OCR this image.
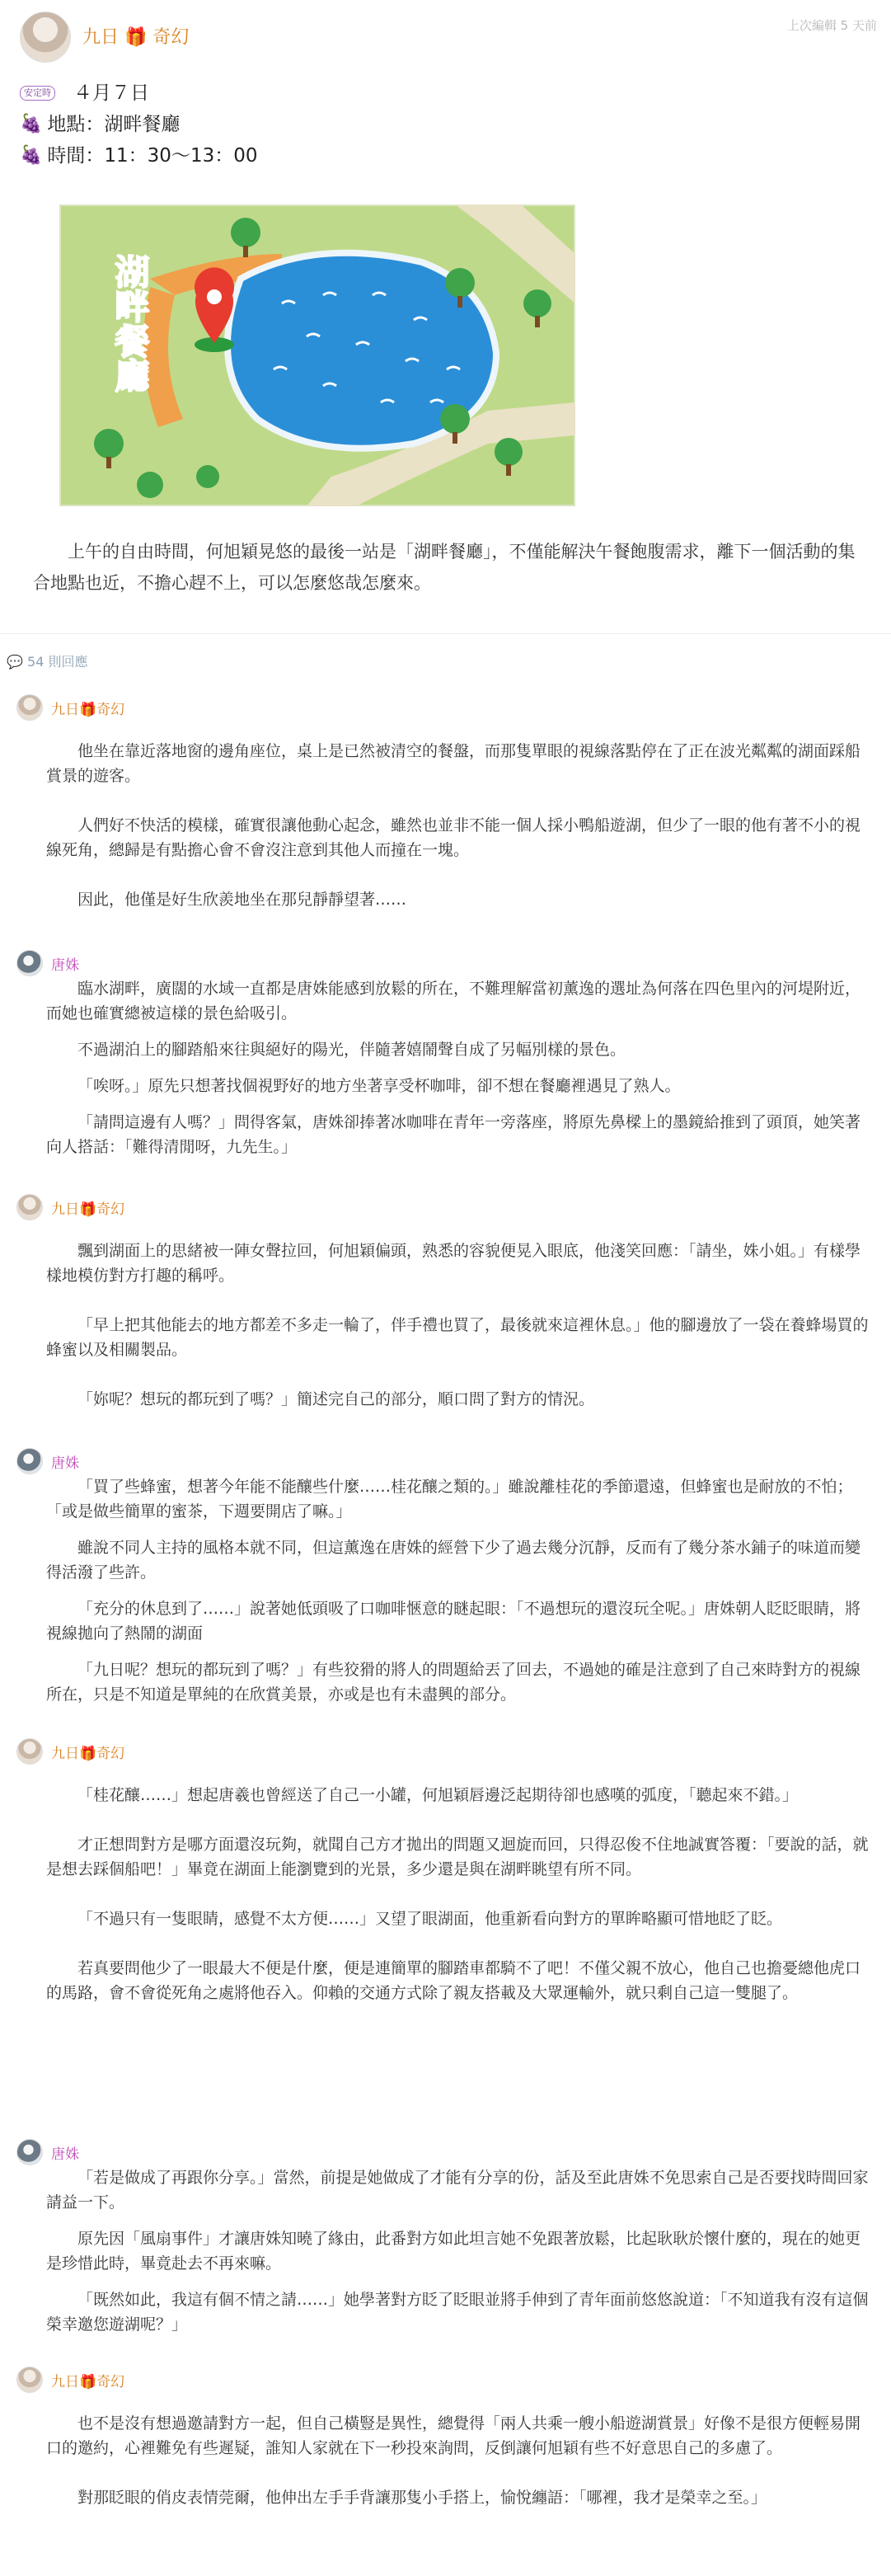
九日 🎁 奇幻
上次編輯 5 天前
安定時 ４月７日
🍇 地點：湖畔餐廳
🍇 時間：11：30～13：00
湖畔餐廳
上午的自由時間，何旭穎晃悠的最後一站是「湖畔餐廳」，不僅能解決午餐飽腹需求，離下一個活動的集合地點也近，不擔心趕不上，可以怎麼悠哉怎麼來。
💬 54 則回應
九日🎁奇幻

他坐在靠近落地窗的邊角座位，桌上是已然被清空的餐盤，而那隻單眼的視線落點停在了正在波光粼粼的湖面踩船賞景的遊客。

人們好不快活的模樣，確實很讓他動心起念，雖然也並非不能一個人採小鴨船遊湖，但少了一眼的他有著不小的視線死角，總歸是有點擔心會不會沒注意到其他人而撞在一塊。

因此，他僅是好生欣羨地坐在那兒靜靜望著……

唐姝

臨水湖畔，廣闊的水域一直都是唐姝能感到放鬆的所在，不難理解當初薰逸的選址為何落在四色里內的河堤附近，而她也確實總被這樣的景色給吸引。

不過湖泊上的腳踏船來往與絕好的陽光，伴隨著嬉鬧聲自成了另幅別樣的景色。

「唉呀。」原先只想著找個視野好的地方坐著享受杯咖啡，卻不想在餐廳裡遇見了熟人。

「請問這邊有人嗎？」問得客氣，唐姝卻捧著冰咖啡在青年一旁落座，將原先鼻樑上的墨鏡給推到了頭頂，她笑著向人搭話：「難得清閒呀，九先生。」

九日🎁奇幻

飄到湖面上的思緒被一陣女聲拉回，何旭穎偏頭，熟悉的容貌便晃入眼底，他淺笑回應：「請坐，姝小姐。」有樣學樣地模仿對方打趣的稱呼。

「早上把其他能去的地方都差不多走一輪了，伴手禮也買了，最後就來這裡休息。」他的腳邊放了一袋在養蜂場買的蜂蜜以及相關製品。

「妳呢？想玩的都玩到了嗎？」簡述完自己的部分，順口問了對方的情況。

唐姝

「買了些蜂蜜，想著今年能不能釀些什麼……桂花釀之類的。」雖說離桂花的季節還遠，但蜂蜜也是耐放的不怕；「或是做些簡單的蜜茶，下週要開店了嘛。」

雖說不同人主持的風格本就不同，但這薰逸在唐姝的經營下少了過去幾分沉靜，反而有了幾分茶水鋪子的味道而變得活潑了些許。

「充分的休息到了……」說著她低頭吸了口咖啡愜意的瞇起眼：「不過想玩的還沒玩全呢。」唐姝朝人眨眨眼睛，將視線拋向了熱鬧的湖面

「九日呢？想玩的都玩到了嗎？」有些狡猾的將人的問題給丟了回去，不過她的確是注意到了自己來時對方的視線所在，只是不知道是單純的在欣賞美景，亦或是也有未盡興的部分。

九日🎁奇幻

「桂花釀……」想起唐羲也曾經送了自己一小罐，何旭穎唇邊泛起期待卻也感嘆的弧度，「聽起來不錯。」

才正想問對方是哪方面還沒玩夠，就聞自己方才拋出的問題又迴旋而回，只得忍俊不住地誠實答覆：「要說的話，就是想去踩個船吧！」畢竟在湖面上能瀏覽到的光景，多少還是與在湖畔眺望有所不同。

「不過只有一隻眼睛，感覺不太方便……」又望了眼湖面，他重新看向對方的單眸略顯可惜地眨了眨。

若真要問他少了一眼最大不便是什麼，便是連簡單的腳踏車都騎不了吧！不僅父親不放心，他自己也擔憂總他虎口的馬路，會不會從死角之處將他吞入。仰賴的交通方式除了親友搭載及大眾運輸外，就只剩自己這一雙腿了。

唐姝

「若是做成了再跟你分享。」當然，前提是她做成了才能有分享的份，話及至此唐姝不免思索自己是否要找時間回家請益一下。

原先因「風扇事件」才讓唐姝知曉了緣由，此番對方如此坦言她不免跟著放鬆，比起耿耿於懷什麼的，現在的她更是珍惜此時，畢竟赴去不再來嘛。

「既然如此，我這有個不情之請……」她學著對方眨了眨眼並將手伸到了青年面前悠悠說道：「不知道我有沒有這個榮幸邀您遊湖呢？」

九日🎁奇幻

也不是沒有想過邀請對方一起，但自己橫豎是異性，總覺得「兩人共乘一艘小船遊湖賞景」好像不是很方便輕易開口的邀約，心裡難免有些遲疑，誰知人家就在下一秒投來詢問，反倒讓何旭穎有些不好意思自己的多慮了。

對那眨眼的俏皮表情莞爾，他伸出左手手背讓那隻小手搭上，愉悅纏語：「哪裡，我才是榮幸之至。」
